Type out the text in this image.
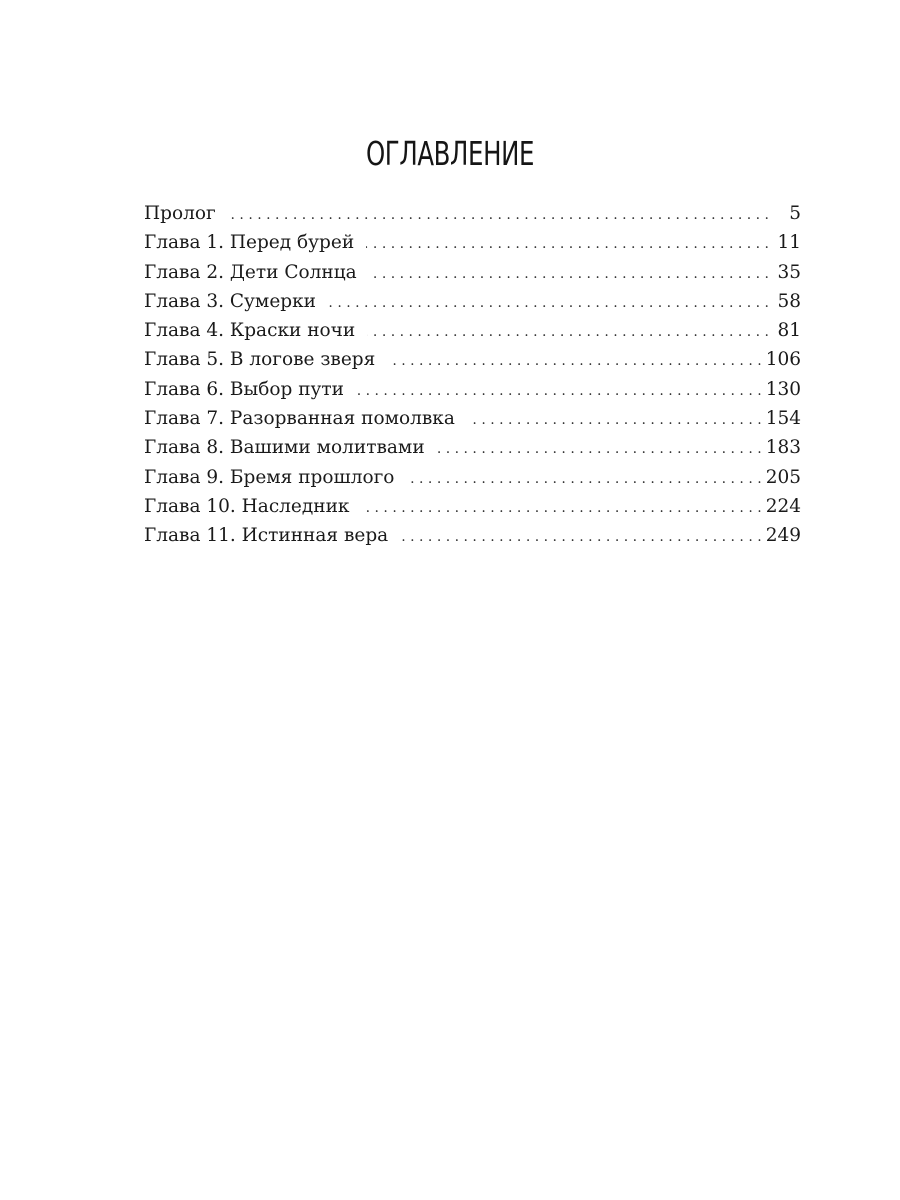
ОГЛАВЛЕНИЕ
Пролог . . .	5
Глава 1. Перед бурей . . .	11
Глава 2. Дети Солнца . . .	35
Глава 3. Сумерки . . .	58
Глава 4. Краски ночи . . .	81
Глава 5. В логове зверя . . .	106
Глава 6. Выбор пути . . .	130
Глава 7. Разорванная помолвка . . .	154
Глава 8. Вашими молитвами . . .	183
Глава 9. Бремя прошлого . . .	205
Глава 10. Наследник . . .	224
Глава 11. Истинная вера . . .	249
